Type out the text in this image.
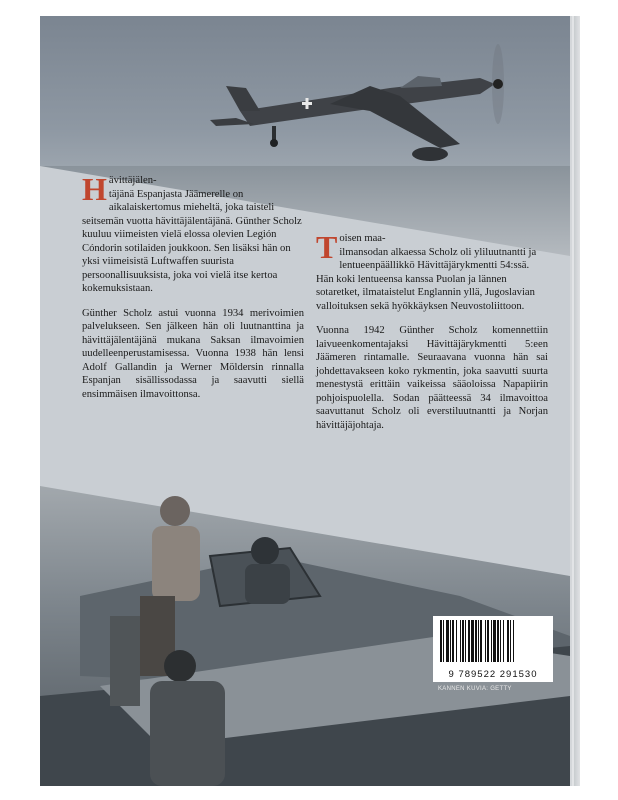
Hävittäjälen-
täjänä Espanjasta Jäämerelle on aikalaiskertomus mieheltä, joka taisteli seitsemän vuotta hävittäjälentäjänä. Günther Scholz kuuluu viimeisten vielä elossa olevien Legión Cóndorin sotilaiden joukkoon. Sen lisäksi hän on yksi viimeisistä Luftwaffen suurista persoonallisuuksista, joka voi vielä itse kertoa kokemuksistaan.

Günther Scholz astui vuonna 1934 merivoimien palvelukseen. Sen jälkeen hän oli luutnanttina ja hävittäjälentäjänä mukana Saksan ilmavoimien uudelleenperustamisessa. Vuonna 1938 hän lensi Adolf Gallandin ja Werner Möldersin rinnalla Espanjan sisällissodassa ja saavutti siellä ensimmäisen ilmavoittonsa.

Toisen maa-
ilmansodan alkaessa Scholz oli yliluutnantti ja lentueenpäällikkö Hävittäjärykmentti 54:ssä. Hän koki lentueensa kanssa Puolan ja lännen sotaretket, ilmataistelut Englannin yllä, Jugoslavian valloituksen sekä hyökkäyksen Neuvostoliittoon.

Vuonna 1942 Günther Scholz komennettiin laivueenkomentajaksi Hävittäjärykmentti 5:een Jäämeren rintamalle. Seuraavana vuonna hän sai johdettavakseen koko rykmentin, joka saavutti suurta menestystä erittäin vaikeissa sääoloissa Napapiirin pohjoispuolella. Sodan päätteessä 34 ilmavoittoa saavuttanut Scholz oli everstiluutnantti ja Norjan hävittäjäjohtaja.

9 789522 291530
KANNEN KUVIA: GETTY
